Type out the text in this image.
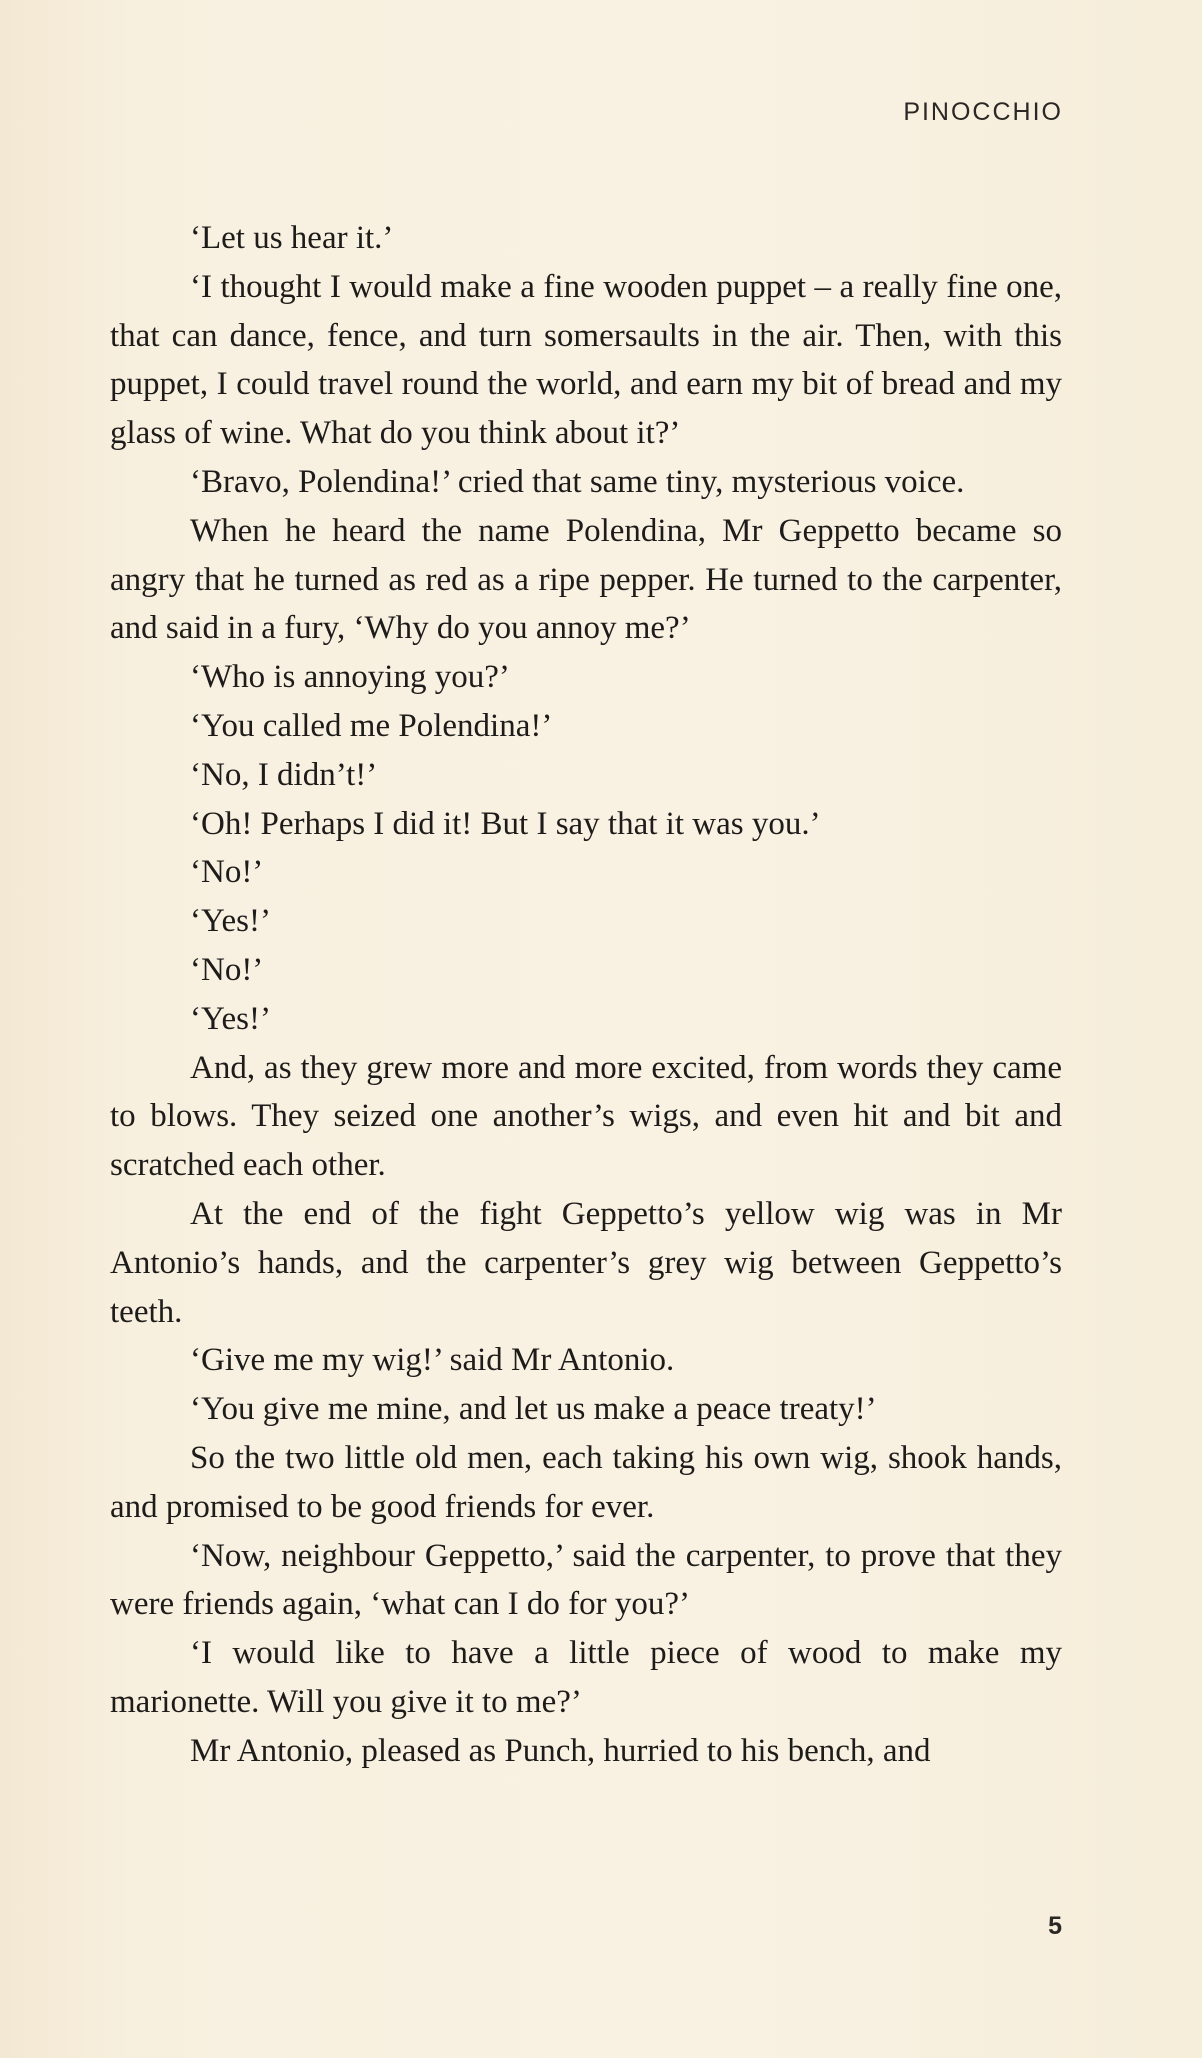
PINOCCHIO

‘Let us hear it.’

‘I thought I would make a fine wooden puppet – a really fine one, that can dance, fence, and turn somersaults in the air. Then, with this puppet, I could travel round the world, and earn my bit of bread and my glass of wine. What do you think about it?’

‘Bravo, Polendina!’ cried that same tiny, mysterious voice.

When he heard the name Polendina, Mr Geppetto became so angry that he turned as red as a ripe pepper. He turned to the carpenter, and said in a fury, ‘Why do you annoy me?’

‘Who is annoying you?’

‘You called me Polendina!’

‘No, I didn’t!’

‘Oh! Perhaps I did it! But I say that it was you.’

‘No!’

‘Yes!’

‘No!’

‘Yes!’

And, as they grew more and more excited, from words they came to blows. They seized one another’s wigs, and even hit and bit and scratched each other.

At the end of the fight Geppetto’s yellow wig was in Mr Antonio’s hands, and the carpenter’s grey wig between Geppetto’s teeth.

‘Give me my wig!’ said Mr Antonio.

‘You give me mine, and let us make a peace treaty!’

So the two little old men, each taking his own wig, shook hands, and promised to be good friends for ever.

‘Now, neighbour Geppetto,’ said the carpenter, to prove that they were friends again, ‘what can I do for you?’

‘I would like to have a little piece of wood to make my marionette. Will you give it to me?’

Mr Antonio, pleased as Punch, hurried to his bench, and

5
